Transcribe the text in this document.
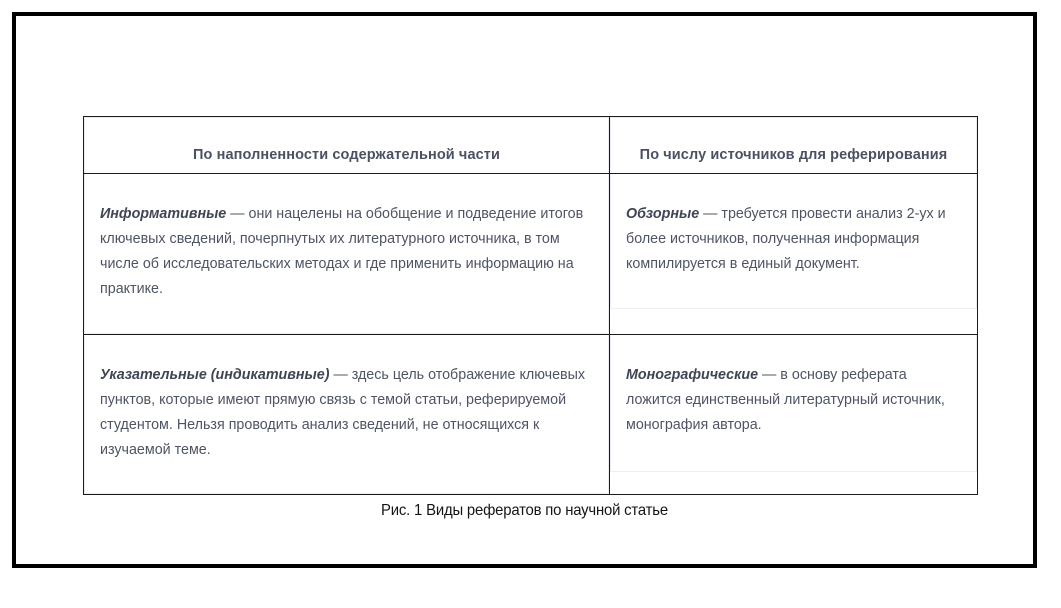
По наполненности содержательной части	По числу источников для реферирования

Информативные — они нацелены на обобщение и подведение итогов ключевых сведений, почерпнутых их литературного источника, в том числе об исследовательских методах и где применить информацию на практике.	Обзорные — требуется провести анализ 2-ух и более источников, полученная информация компилируется в единый документ.

Указательные (индикативные) — здесь цель отображение ключевых пунктов, которые имеют прямую связь с темой статьи, реферируемой студентом. Нельзя проводить анализ сведений, не относящихся к изучаемой теме.	Монографические — в основу реферата ложится единственный литературный источник, монография автора.

Рис. 1 Виды рефератов по научной статье
